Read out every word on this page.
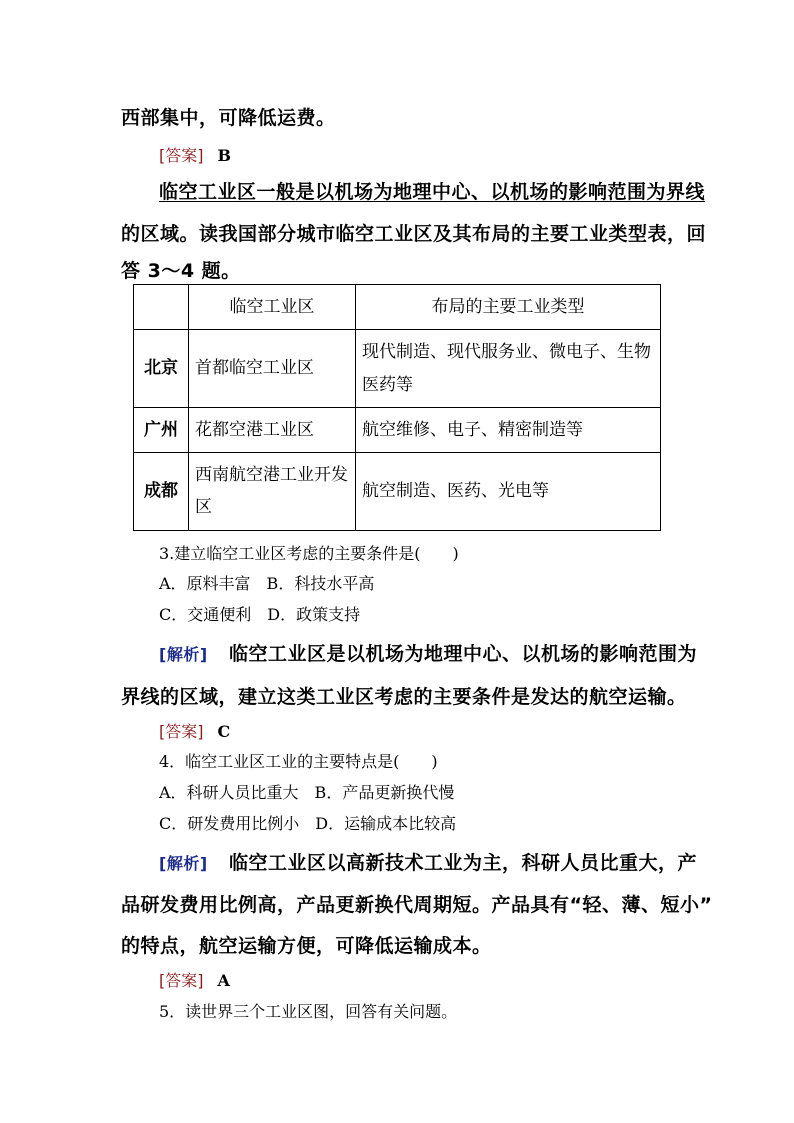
西部集中，可降低运费。
[答案] B
临空工业区一般是以机场为地理中心、以机场的影响范围为界线
的区域。读我国部分城市临空工业区及其布局的主要工业类型表，回
答 3～4 题。
	临空工业区	布局的主要工业类型
北京	首都临空工业区	现代制造、现代服务业、微电子、生物医药等
广州	花都空港工业区	航空维修、电子、精密制造等
成都	西南航空港工业开发区	航空制造、医药、光电等
3.建立临空工业区考虑的主要条件是(　　)
A．原料丰富　B．科技水平高
C．交通便利　D．政策支持
[解析] 临空工业区是以机场为地理中心、以机场的影响范围为
界线的区域，建立这类工业区考虑的主要条件是发达的航空运输。
[答案] C
4．临空工业区工业的主要特点是(　　)
A．科研人员比重大　B．产品更新换代慢
C．研发费用比例小　D．运输成本比较高
[解析] 临空工业区以高新技术工业为主，科研人员比重大，产
品研发费用比例高，产品更新换代周期短。产品具有“轻、薄、短小”
的特点，航空运输方便，可降低运输成本。
[答案] A
5．读世界三个工业区图，回答有关问题。
